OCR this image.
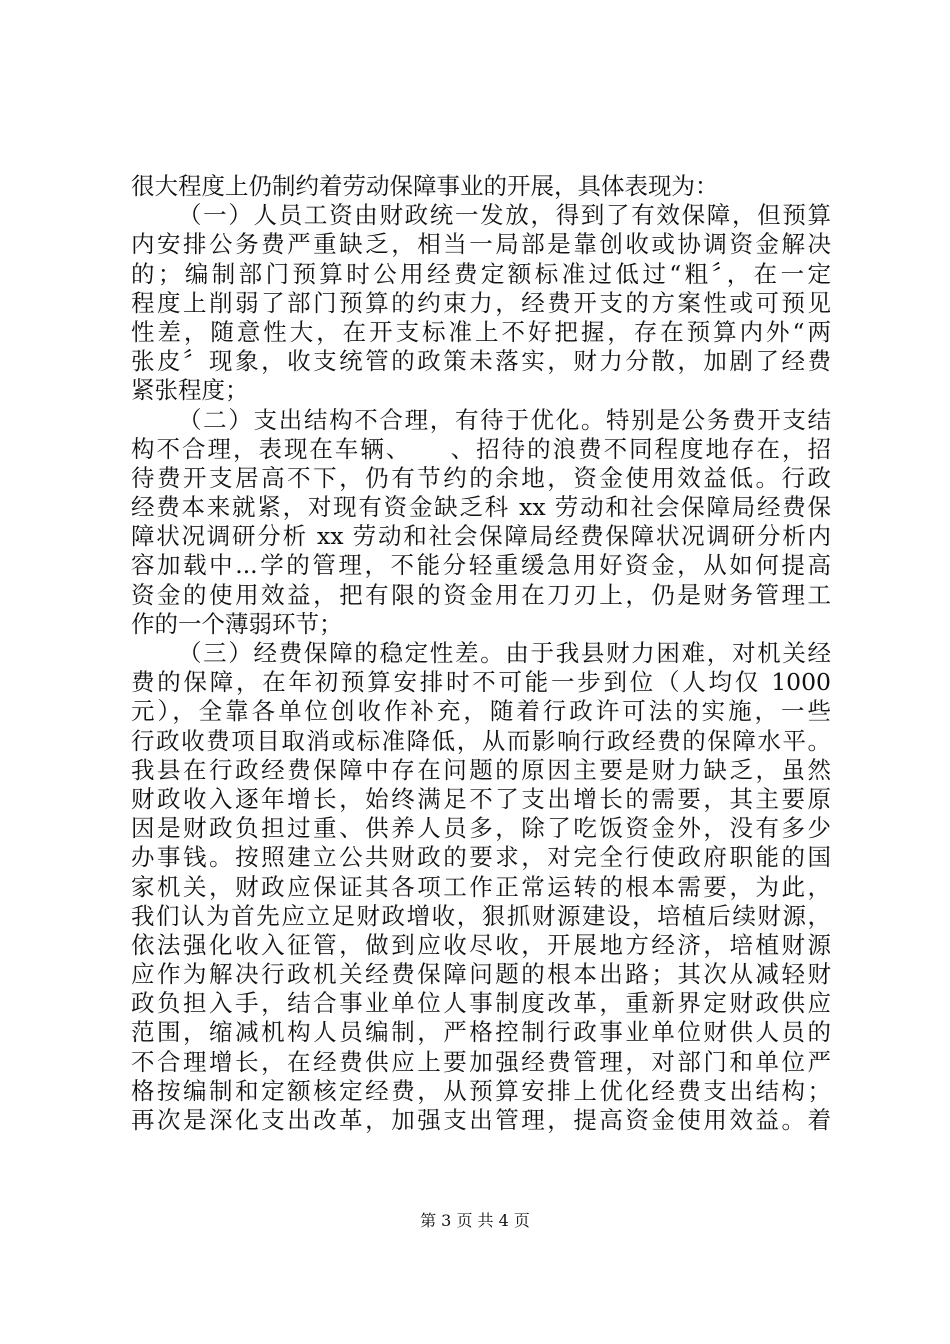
很大程度上仍制约着劳动保障事业的开展，具体表现为：
（一）人员工资由财政统一发放，得到了有效保障，但预算
内安排公务费严重缺乏，相当一局部是靠创收或协调资金解决
的；编制部门预算时公用经费定额标准过低过“粗〞，在一定
程度上削弱了部门预算的约束力，经费开支的方案性或可预见
性差，随意性大，在开支标准上不好把握，存在预算内外“两
张皮〞现象，收支统管的政策未落实，财力分散，加剧了经费
紧张程度；
（二）支出结构不合理，有待于优化。特别是公务费开支结
构不合理，表现在车辆、　　、招待的浪费不同程度地存在，招
待费开支居高不下，仍有节约的余地，资金使用效益低。行政
经费本来就紧，对现有资金缺乏科 xx 劳动和社会保障局经费保
障状况调研分析 xx 劳动和社会保障局经费保障状况调研分析内
容加载中...学的管理，不能分轻重缓急用好资金，从如何提高
资金的使用效益，把有限的资金用在刀刃上，仍是财务管理工
作的一个薄弱环节；
（三）经费保障的稳定性差。由于我县财力困难，对机关经
费的保障，在年初预算安排时不可能一步到位（人均仅 1000
元），全靠各单位创收作补充，随着行政许可法的实施，一些
行政收费项目取消或标准降低，从而影响行政经费的保障水平。
我县在行政经费保障中存在问题的原因主要是财力缺乏，虽然
财政收入逐年增长，始终满足不了支出增长的需要，其主要原
因是财政负担过重、供养人员多，除了吃饭资金外，没有多少
办事钱。按照建立公共财政的要求，对完全行使政府职能的国
家机关，财政应保证其各项工作正常运转的根本需要，为此，
我们认为首先应立足财政增收，狠抓财源建设，培植后续财源，
依法强化收入征管，做到应收尽收，开展地方经济，培植财源
应作为解决行政机关经费保障问题的根本出路；其次从减轻财
政负担入手，结合事业单位人事制度改革，重新界定财政供应
范围，缩减机构人员编制，严格控制行政事业单位财供人员的
不合理增长，在经费供应上要加强经费管理，对部门和单位严
格按编制和定额核定经费，从预算安排上优化经费支出结构；
再次是深化支出改革，加强支出管理，提高资金使用效益。着
第 3 页 共 4 页
